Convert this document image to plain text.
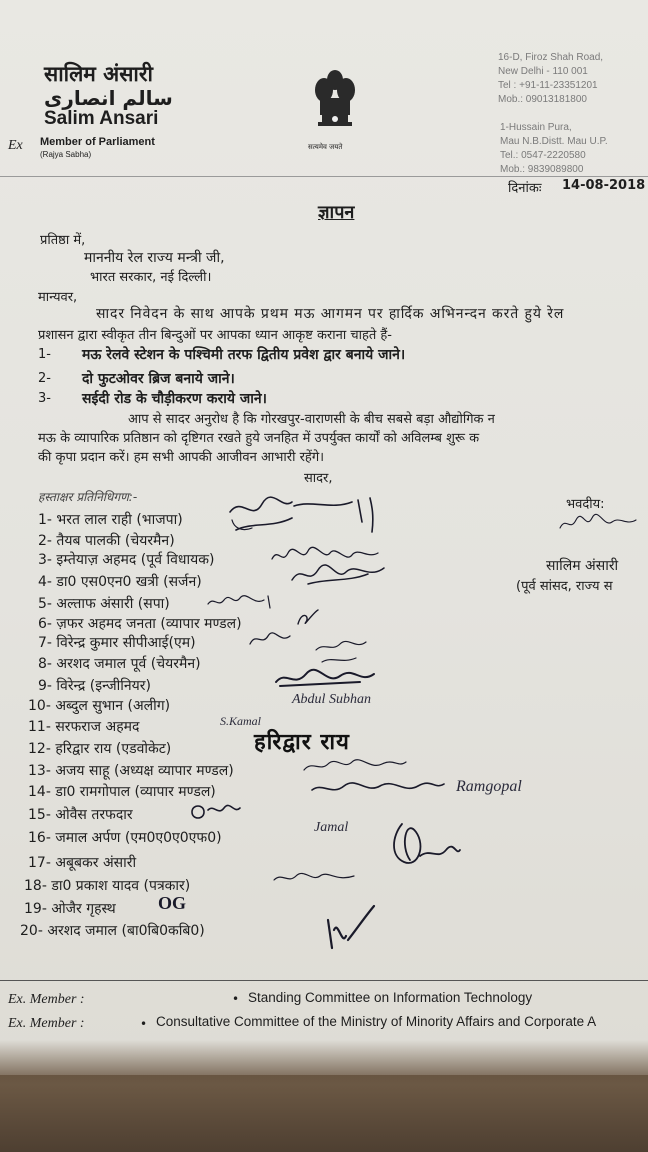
सालिम अंसारी
سالم انصاری
Salim Ansari
Ex Member of Parliament
(Rajya Sabha)
सत्यमेव जयते
16-D, Firoz Shah Road,
New Delhi - 110 001
Tel : +91-11-23351201
Mob.: 09013181800
1-Hussain Pura,
Mau N.B.Distt. Mau U.P.
Tel.: 0547-2220580
Mob.: 9839089800
दिनांकः 14-08-2018
ज्ञापन
प्रतिष्ठा में,
माननीय रेल राज्य मन्त्री जी,
भारत सरकार, नई दिल्ली।
मान्यवर,
सादर निवेदन के साथ आपके प्रथम मऊ आगमन पर हार्दिक अभिनन्दन करते हुये रेल
प्रशासन द्वारा स्वीकृत तीन बिन्दुओं पर आपका ध्यान आकृष्ट कराना चाहते हैं-
1- मऊ रेलवे स्टेशन के पश्चिमी तरफ द्वितीय प्रवेश द्वार बनाये जाने।
2- दो फुटओवर ब्रिज बनाये जाने।
3- सईदी रोड के चौड़ीकरण कराये जाने।
आप से सादर अनुरोध है कि गोरखपुर-वाराणसी के बीच सबसे बड़ा औद्योगिक न
मऊ के व्यापारिक प्रतिष्ठान को दृष्टिगत रखते हुये जनहित में उपर्युक्त कार्यों को अविलम्ब शुरू क
की कृपा प्रदान करें। हम सभी आपकी आजीवन आभारी रहेंगे।
सादर,
हस्ताक्षर प्रतिनिधिगण:-
1- भरत लाल राही (भाजपा)
2- तैयब पालकी (चेयरमैन)
3- इम्तेयाज़ अहमद (पूर्व विधायक)
4- डा0 एस0एन0 खत्री (सर्जन)
5- अल्ताफ अंसारी (सपा)
6- ज़फर अहमद जनता (व्यापार मण्डल)
7- विरेन्द्र कुमार सीपीआई(एम)
8- अरशद जमाल पूर्व (चेयरमैन)
9- विरेन्द्र (इन्जीनियर)
10- अब्दुल सुभान (अलीग)
11- सरफराज अहमद
12- हरिद्वार राय (एडवोकेट)
13- अजय साहू (अध्यक्ष व्यापार मण्डल)
14- डा0 रामगोपाल (व्यापार मण्डल)
15- ओवैस तरफदार
16- जमाल अर्पण (एम0ए0ए0एफ0)
17- अबूबकर अंसारी
18- डा0 प्रकाश यादव (पत्रकार)
19- ओजैर गृहस्थ
20- अरशद जमाल (बा0बि0कबि0)
Abdul Subhan
S.Kamal
हरिद्वार राय
Ramgopal
Jamal
OG
भवदीय:
सालिम अंसारी
(पूर्व सांसद, राज्य स
Ex. Member :	• Standing Committee on Information Technology
Ex. Member :	• Consultative Committee of the Ministry of Minority Affairs and Corporate A
